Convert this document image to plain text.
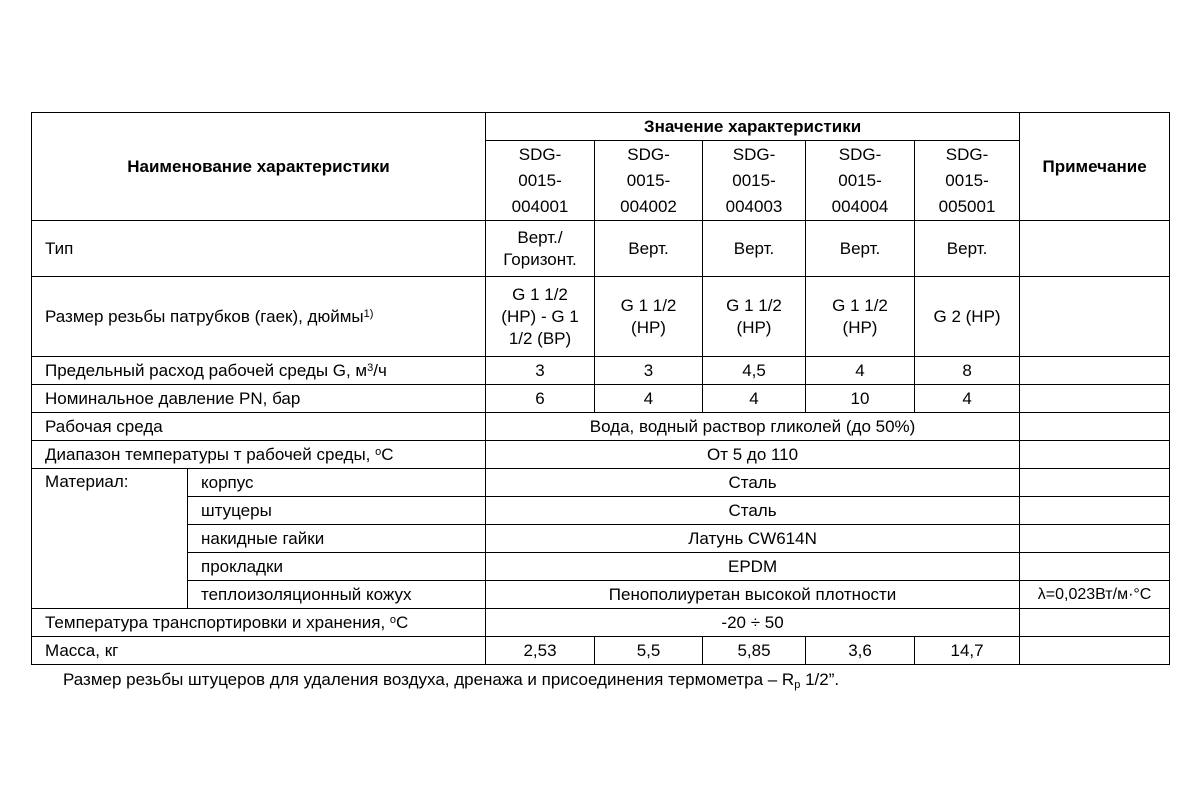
Наименование характеристики		Значение характеристики					Примечание
		SDG-
0015-
004001	SDG-
0015-
004002	SDG-
0015-
004003	SDG-
0015-
004004	SDG-
0015-
005001	
Тип		Верт./
Горизонт.	Верт.	Верт.	Верт.	Верт.	
Размер резьбы патрубков (гаек), дюймы$^{1)}$		G 1 1/2
(НР) - G 1
1/2 (ВР)	G 1 1/2
(НР)	G 1 1/2
(НР)	G 1 1/2
(НР)	G 2 (НР)	
Предельный расход рабочей среды G, $м^3/ч$		3	3	4,5	4	8	
Номинальное давление PN, бар		6	4	4	10	4	
Рабочая среда		Вода, водный раствор гликолей (до 50%)					
Диапазон температуры т рабочей среды, $^о$С		От 5 до 110					
Материал:	корпус	Сталь					
	штуцеры	Сталь					
	накидные гайки	Латунь CW614N					
	прокладки	EPDM					
	теплоизоляционный кожух	Пенополиуретан высокой плотности					λ=0,023Вт/м·°С
Температура транспортировки и хранения, $^о$С		-20 ÷ 50					
Масса, кг		2,53	5,5	5,85	3,6	14,7	
Размер резьбы штуцеров для удаления воздуха, дренажа и присоединения термометра – $R_p$ 1/2”.
